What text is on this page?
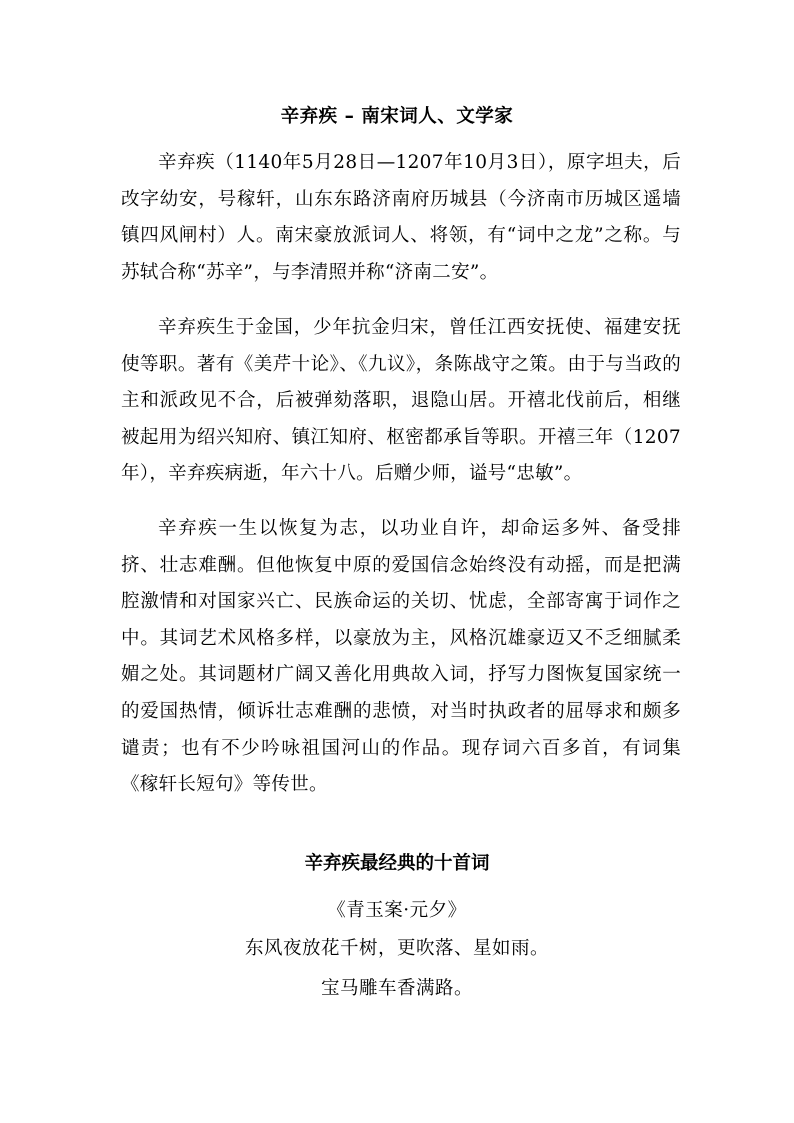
辛弃疾 – 南宋词人、文学家
辛弃疾（1140年5月28日—1207年10月3日），原字坦夫，后改字幼安，号稼轩，山东东路济南府历城县（今济南市历城区遥墙镇四风闸村）人。南宋豪放派词人、将领，有“词中之龙”之称。与苏轼合称“苏辛”，与李清照并称“济南二安”。
辛弃疾生于金国，少年抗金归宋，曾任江西安抚使、福建安抚使等职。著有《美芹十论》、《九议》，条陈战守之策。由于与当政的主和派政见不合，后被弹劾落职，退隐山居。开禧北伐前后，相继被起用为绍兴知府、镇江知府、枢密都承旨等职。开禧三年（1207年），辛弃疾病逝，年六十八。后赠少师，谥号“忠敏”。
辛弃疾一生以恢复为志，以功业自许，却命运多舛、备受排挤、壮志难酬。但他恢复中原的爱国信念始终没有动摇，而是把满腔激情和对国家兴亡、民族命运的关切、忧虑，全部寄寓于词作之中。其词艺术风格多样，以豪放为主，风格沉雄豪迈又不乏细腻柔媚之处。其词题材广阔又善化用典故入词，抒写力图恢复国家统一的爱国热情，倾诉壮志难酬的悲愤，对当时执政者的屈辱求和颇多谴责；也有不少吟咏祖国河山的作品。现存词六百多首，有词集《稼轩长短句》等传世。
辛弃疾最经典的十首词
《青玉案·元夕》
东风夜放花千树，更吹落、星如雨。
宝马雕车香满路。
